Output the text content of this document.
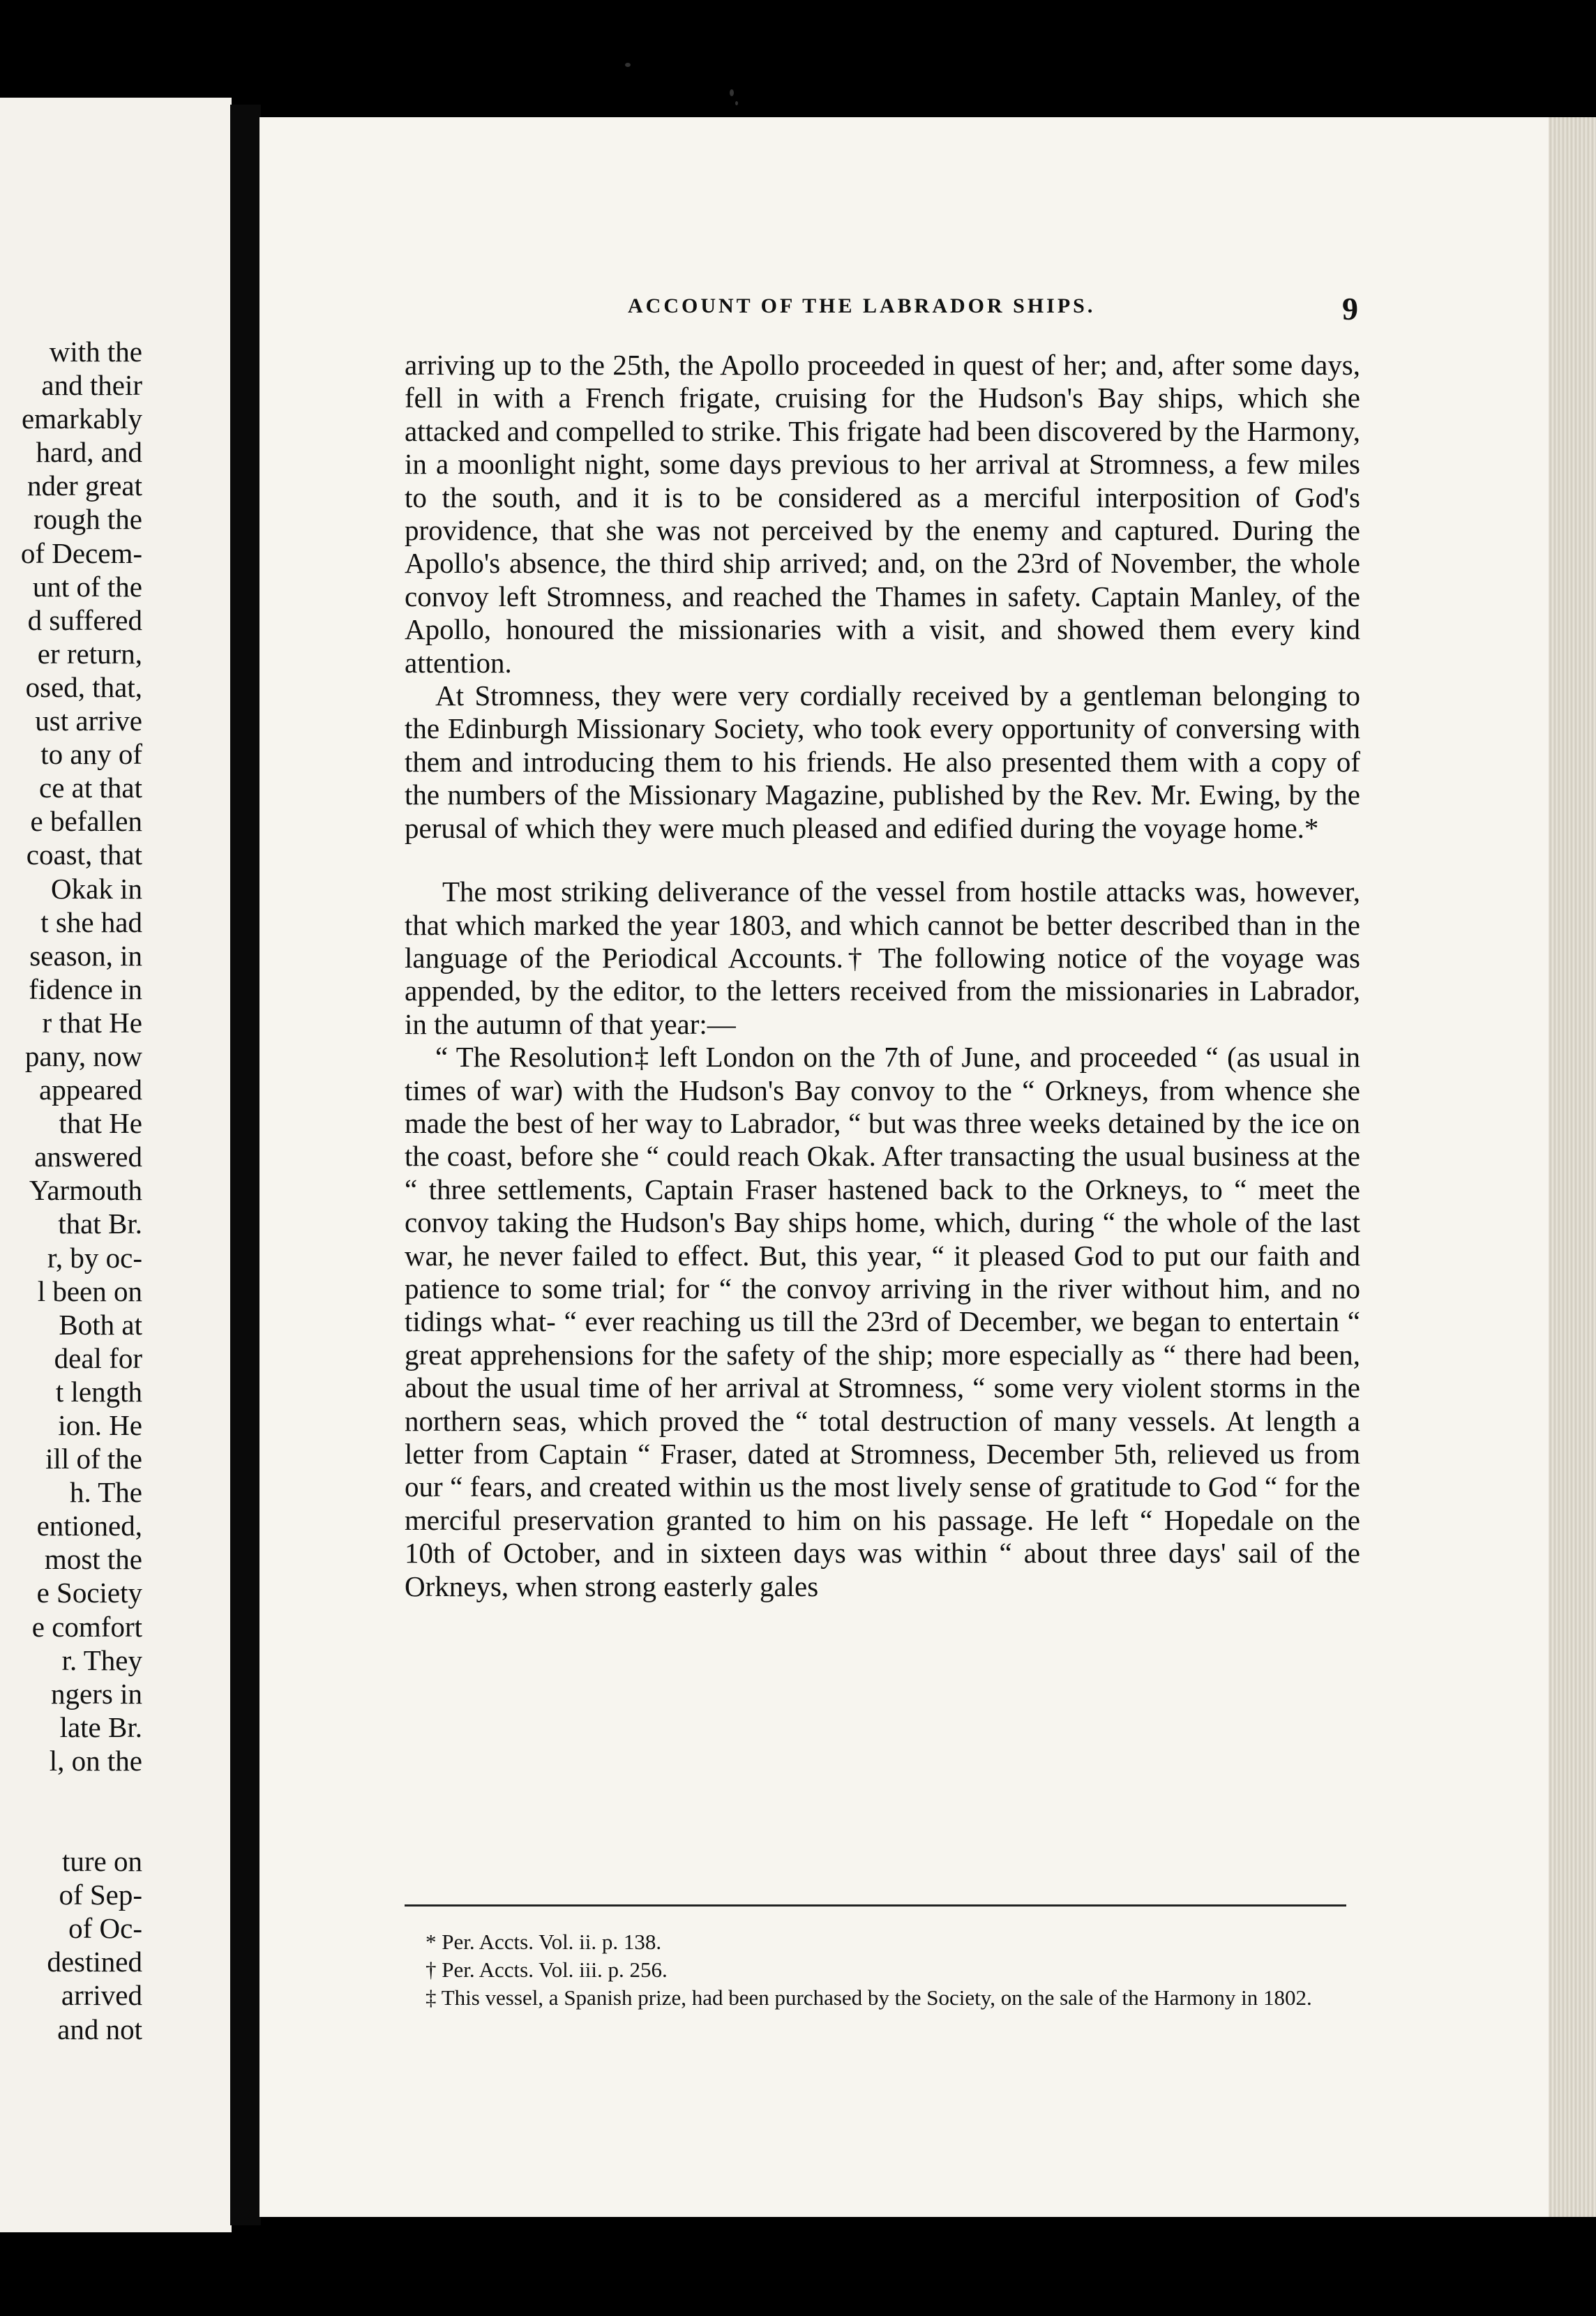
with the
and their
emarkably
hard, and
nder great
rough the
of Decem-
unt of the
d suffered
er return,
osed, that,
ust arrive
to any of
ce at that
e befallen
coast, that
Okak in
t she had
season, in
fidence in
r that He
pany, now
appeared
that He
answered
Yarmouth
that Br.
r, by oc-
l been on
Both at
deal for
t length
ion. He
ill of the
h. The
entioned,
most the
e Society
e comfort
r. They
ngers in
late Br.
l, on the
ture on
of Sep-
of Oc-
destined
arrived
and not
ACCOUNT OF THE LABRADOR SHIPS.	9
arriving up to the 25th, the Apollo proceeded in quest of her; and, after some days, fell in with a French frigate, cruising for the Hudson's Bay ships, which she attacked and compelled to strike. This frigate had been discovered by the Harmony, in a moonlight night, some days previous to her arrival at Stromness, a few miles to the south, and it is to be considered as a merciful interposition of God's providence, that she was not perceived by the enemy and captured. During the Apollo's absence, the third ship arrived; and, on the 23rd of November, the whole convoy left Stromness, and reached the Thames in safety. Captain Manley, of the Apollo, honoured the missionaries with a visit, and showed them every kind attention.
At Stromness, they were very cordially received by a gentleman belonging to the Edinburgh Missionary Society, who took every opportunity of conversing with them and introducing them to his friends. He also presented them with a copy of the numbers of the Missionary Magazine, published by the Rev. Mr. Ewing, by the perusal of which they were much pleased and edified during the voyage home.*
The most striking deliverance of the vessel from hostile attacks was, however, that which marked the year 1803, and which cannot be better described than in the language of the Periodical Accounts.† The following notice of the voyage was appended, by the editor, to the letters received from the missionaries in Labrador, in the autumn of that year:—
“ The Resolution‡ left London on the 7th of June, and proceeded “ (as usual in times of war) with the Hudson's Bay convoy to the “ Orkneys, from whence she made the best of her way to Labrador, “ but was three weeks detained by the ice on the coast, before she “ could reach Okak. After transacting the usual business at the “ three settlements, Captain Fraser hastened back to the Orkneys, to “ meet the convoy taking the Hudson's Bay ships home, which, during “ the whole of the last war, he never failed to effect. But, this year, “ it pleased God to put our faith and patience to some trial; for “ the convoy arriving in the river without him, and no tidings what- “ ever reaching us till the 23rd of December, we began to entertain “ great apprehensions for the safety of the ship; more especially as “ there had been, about the usual time of her arrival at Stromness, “ some very violent storms in the northern seas, which proved the “ total destruction of many vessels. At length a letter from Captain “ Fraser, dated at Stromness, December 5th, relieved us from our “ fears, and created within us the most lively sense of gratitude to God “ for the merciful preservation granted to him on his passage. He left “ Hopedale on the 10th of October, and in sixteen days was within “ about three days' sail of the Orkneys, when strong easterly gales
* Per. Accts. Vol. ii. p. 138.
† Per. Accts. Vol. iii. p. 256.
‡ This vessel, a Spanish prize, had been purchased by the Society, on the sale of the Harmony in 1802.
